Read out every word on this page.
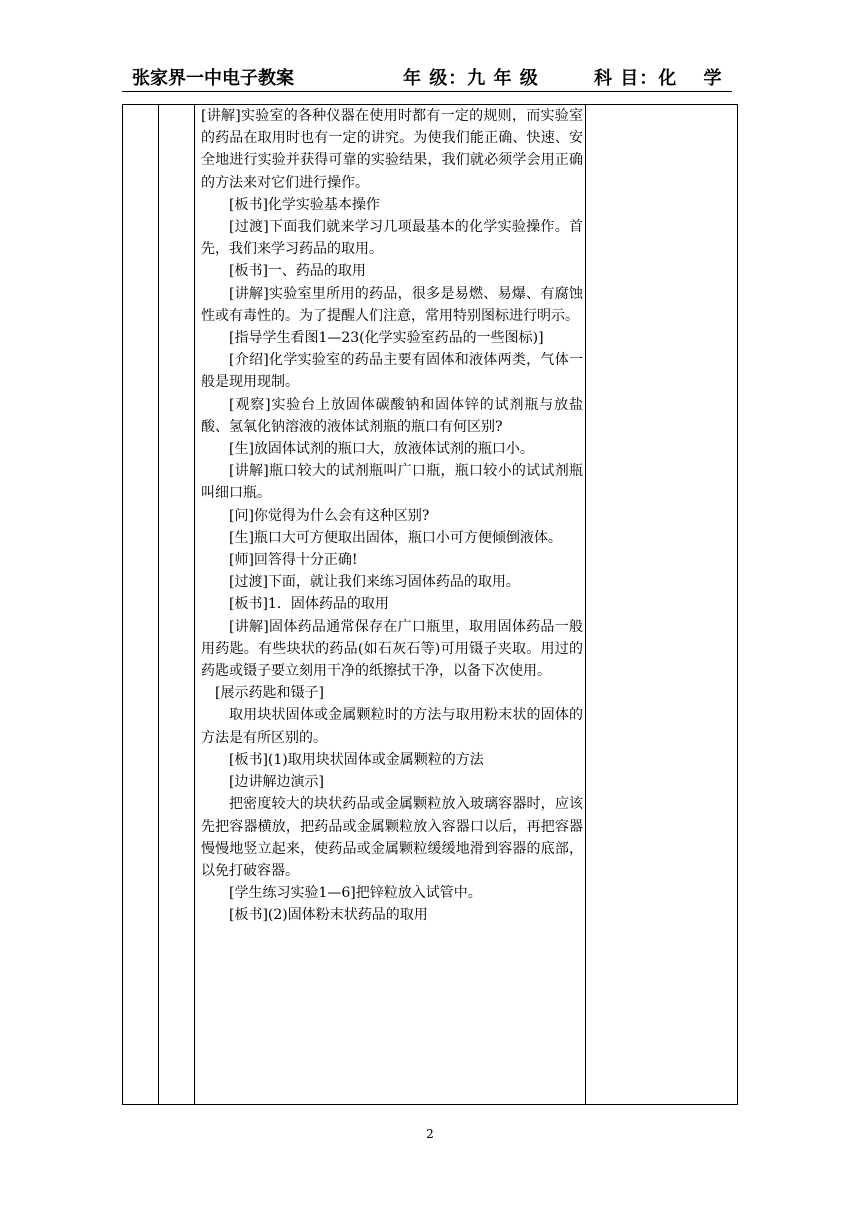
张家界一中电子教案	年 级：九 年 级	科 目：化　 学

[讲解]实验室的各种仪器在使用时都有一定的规则，而实验室的药品在取用时也有一定的讲究。为使我们能正确、快速、安全地进行实验并获得可靠的实验结果，我们就必须学会用正确的方法来对它们进行操作。

[板书]化学实验基本操作

[过渡]下面我们就来学习几项最基本的化学实验操作。首先，我们来学习药品的取用。

[板书]一、药品的取用

[讲解]实验室里所用的药品，很多是易燃、易爆、有腐蚀性或有毒性的。为了提醒人们注意，常用特别图标进行明示。

[指导学生看图1—23(化学实验室药品的一些图标)]

[介绍]化学实验室的药品主要有固体和液体两类，气体一般是现用现制。

[观察]实验台上放固体碳酸钠和固体锌的试剂瓶与放盐酸、氢氧化钠溶液的液体试剂瓶的瓶口有何区别?

[生]放固体试剂的瓶口大，放液体试剂的瓶口小。

[讲解]瓶口较大的试剂瓶叫广口瓶，瓶口较小的试试剂瓶叫细口瓶。

[问]你觉得为什么会有这种区别?

[生]瓶口大可方便取出固体，瓶口小可方便倾倒液体。

[师]回答得十分正确!

[过渡]下面，就让我们来练习固体药品的取用。

[板书]1．固体药品的取用

[讲解]固体药品通常保存在广口瓶里，取用固体药品一般用药匙。有些块状的药品(如石灰石等)可用镊子夹取。用过的药匙或镊子要立刻用干净的纸擦拭干净，以备下次使用。

[展示药匙和镊子]

取用块状固体或金属颗粒时的方法与取用粉末状的固体的方法是有所区别的。

[板书](1)取用块状固体或金属颗粒的方法

[边讲解边演示]

把密度较大的块状药品或金属颗粒放入玻璃容器时，应该先把容器横放，把药品或金属颗粒放入容器口以后，再把容器慢慢地竖立起来，使药品或金属颗粒缓缓地滑到容器的底部，以免打破容器。

[学生练习实验1—6]把锌粒放入试管中。

[板书](2)固体粉末状药品的取用

2
